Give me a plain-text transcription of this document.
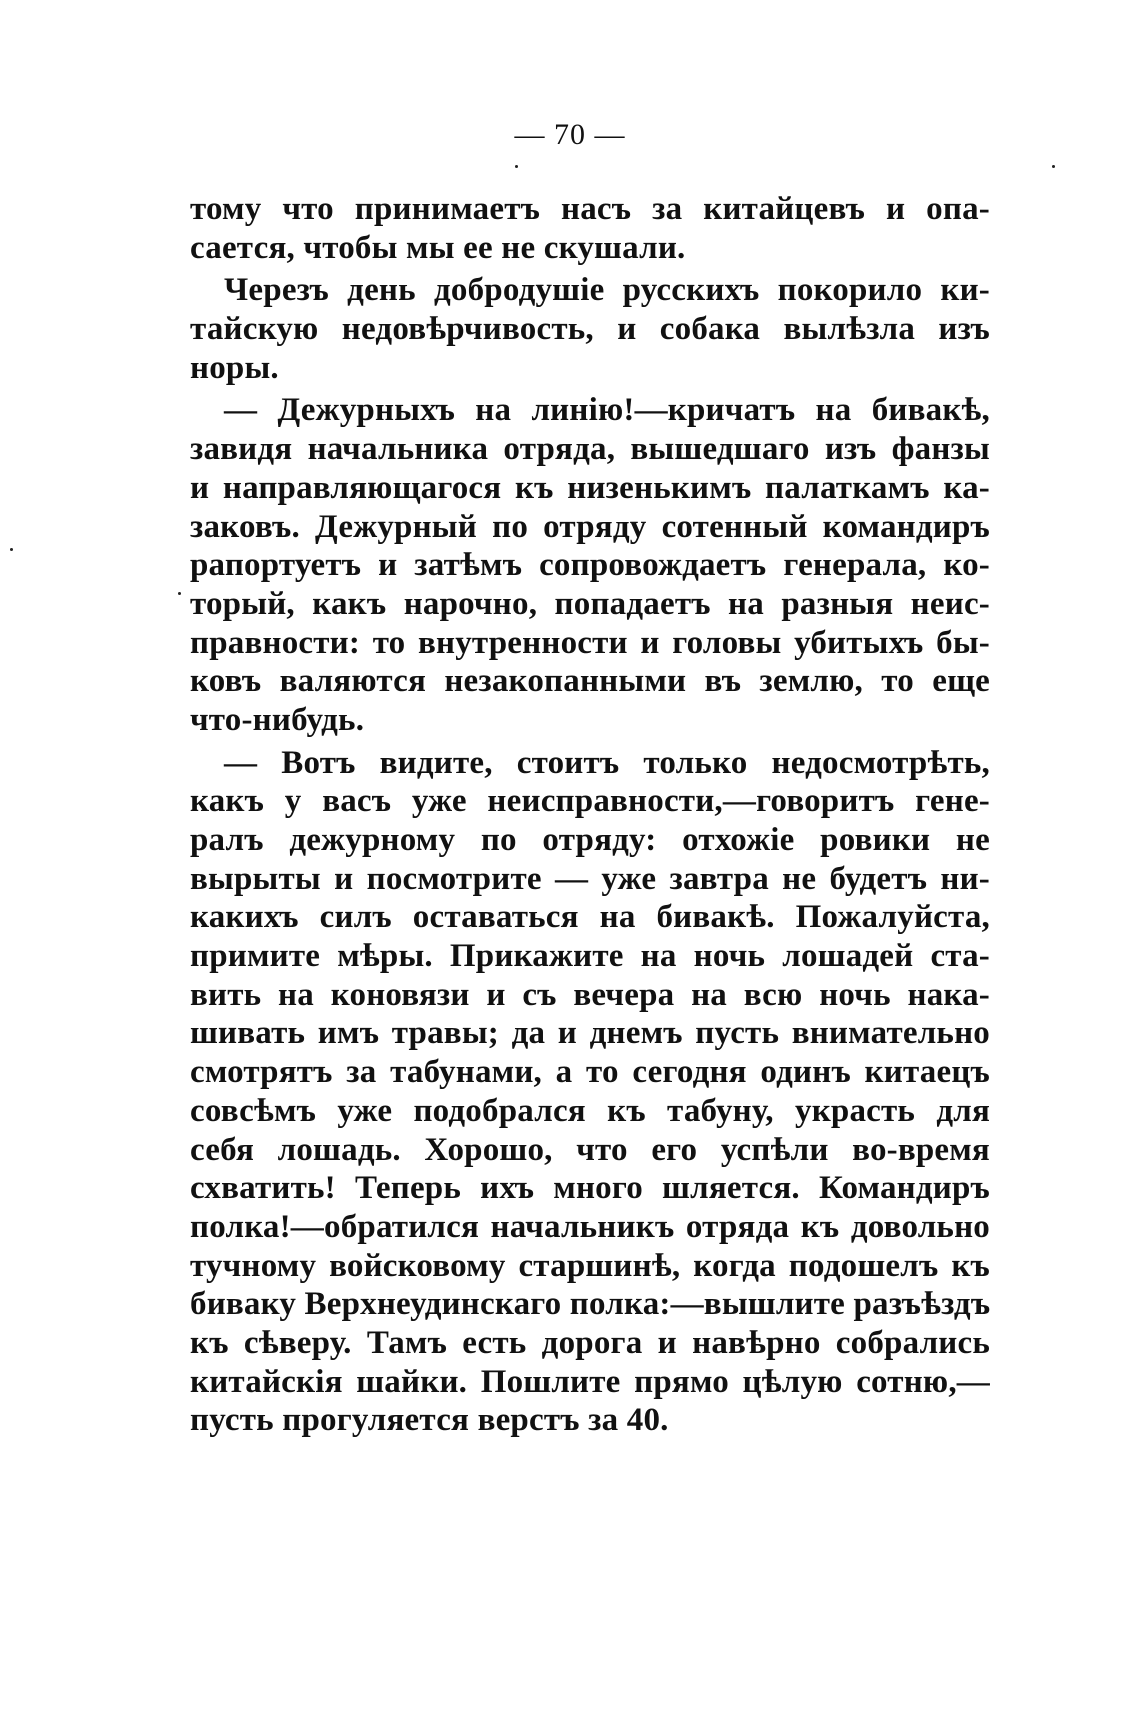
— 70 —
тому что принимаетъ насъ за китайцевъ и опа-
сается, чтобы мы ее не скушали.
Черезъ день добродушіе русскихъ покорило ки-
тайскую недовѣрчивость, и собака вылѣзла изъ
норы.
— Дежурныхъ на линію!—кричатъ на бивакѣ,
завидя начальника отряда, вышедшаго изъ фанзы
и направляющагося къ низенькимъ палаткамъ ка-
заковъ. Дежурный по отряду сотенный командиръ
рапортуетъ и затѣмъ сопровождаетъ генерала, ко-
торый, какъ нарочно, попадаетъ на разныя неис-
правности: то внутренности и головы убитыхъ бы-
ковъ валяются незакопанными въ землю, то еще
что-нибудь.
— Вотъ видите, стоитъ только недосмотрѣть,
какъ у васъ уже неисправности,—говоритъ гене-
ралъ дежурному по отряду: отхожіе ровики не
вырыты и посмотрите — уже завтра не будетъ ни-
какихъ силъ оставаться на бивакѣ. Пожалуйста,
примите мѣры. Прикажите на ночь лошадей ста-
вить на коновязи и съ вечера на всю ночь нака-
шивать имъ травы; да и днемъ пусть внимательно
смотрятъ за табунами, а то сегодня одинъ китаецъ
совсѣмъ уже подобрался къ табуну, украсть для
себя лошадь. Хорошо, что его успѣли во-время
схватить! Теперь ихъ много шляется. Командиръ
полка!—обратился начальникъ отряда къ довольно
тучному войсковому старшинѣ, когда подошелъ къ
биваку Верхнеудинскаго полка:—вышлите разъѣздъ
къ сѣверу. Тамъ есть дорога и навѣрно собрались
китайскія шайки. Пошлите прямо цѣлую сотню,—
пусть прогуляется верстъ за 40.
